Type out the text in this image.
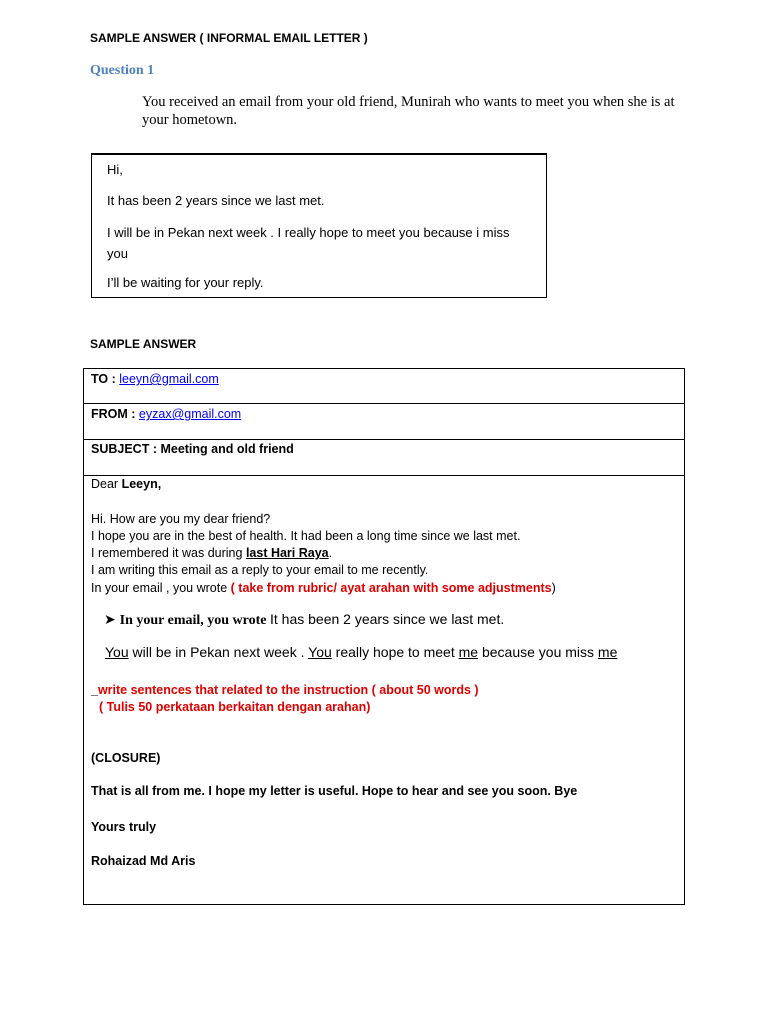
SAMPLE ANSWER ( INFORMAL EMAIL LETTER )
Question 1
You received an email from your old friend, Munirah who wants to meet you when she is at your hometown.
Hi,
It has been 2 years since we last met.
I will be in Pekan next week . I really hope to meet you because i miss
you
I’ll be waiting for your reply.
SAMPLE ANSWER
TO : leeyn@gmail.com
FROM : eyzax@gmail.com
SUBJECT : Meeting and old friend
Dear Leeyn,
Hi. How are you my dear friend?
I hope you are in the best of health. It had been a long time since we last met.
I remembered it was during last Hari Raya.
I am writing this email as a reply to your email to me recently.
In your email , you wrote ( take from rubric/ ayat arahan with some adjustments)
➤ In your email, you wrote It has been 2 years since we last met.
You will be in Pekan next week . You really hope to meet me because you miss me
_write sentences that related to the instruction ( about 50 words )
( Tulis 50 perkataan berkaitan dengan arahan)
(CLOSURE)
That is all from me. I hope my letter is useful. Hope to hear and see you soon. Bye
Yours truly
Rohaizad Md Aris
